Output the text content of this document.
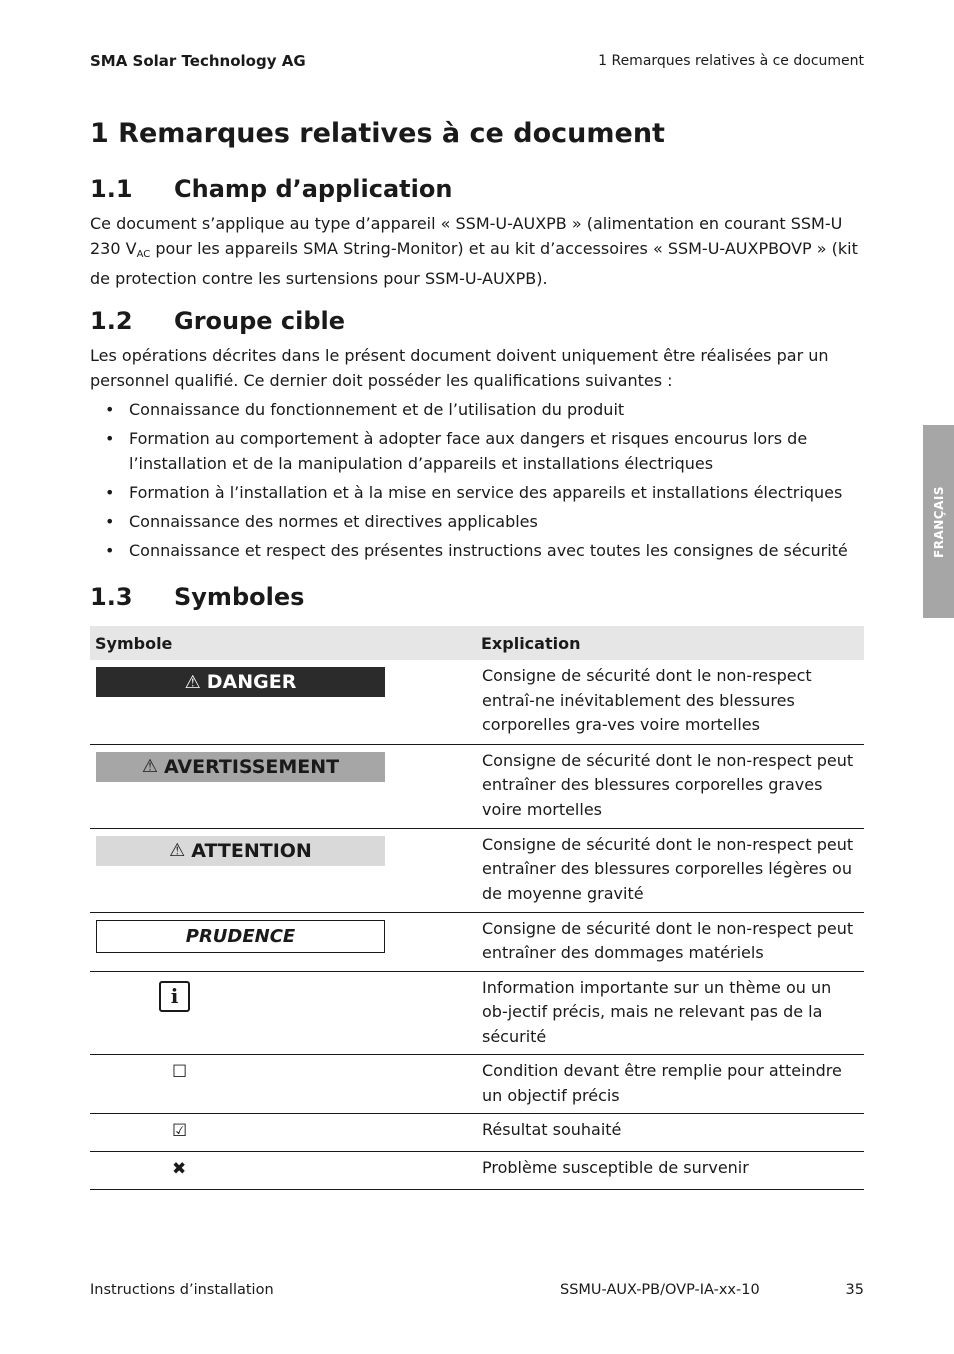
SMA Solar Technology AG	1 Remarques relatives à ce document
FRANÇAIS
1 Remarques relatives à ce document
1.1 Champ d’application
Ce document s’applique au type d’appareil « SSM-U-AUXPB » (alimentation en courant SSM-U 230 $V_{AC}$ pour les appareils SMA String-Monitor) et au kit d’accessoires « SSM-U-AUXPBOVP » (kit de protection contre les surtensions pour SSM-U-AUXPB).
1.2 Groupe cible
Les opérations décrites dans le présent document doivent uniquement être réalisées par un personnel qualifié. Ce dernier doit posséder les qualifications suivantes :
• Connaissance du fonctionnement et de l’utilisation du produit
• Formation au comportement à adopter face aux dangers et risques encourus lors de l’installation et de la manipulation d’appareils et installations électriques
• Formation à l’installation et à la mise en service des appareils et installations électriques
• Connaissance des normes et directives applicables
• Connaissance et respect des présentes instructions avec toutes les consignes de sécurité
1.3 Symboles
Symbole Explication	

⚠ DANGER	Consigne de sécurité dont le non-respect entraî-ne inévitablement des blessures corporelles gra-ves voire mortelles

⚠ AVERTISSEMENT	Consigne de sécurité dont le non-respect peut entraîner des blessures corporelles graves voire mortelles

⚠ ATTENTION	Consigne de sécurité dont le non-respect peut entraîner des blessures corporelles légères ou de moyenne gravité

PRUDENCE	Consigne de sécurité dont le non-respect peut entraîner des dommages matériels

i	Information importante sur un thème ou un ob-jectif précis, mais ne relevant pas de la sécurité

☐	Condition devant être remplie pour atteindre un objectif précis

☑	Résultat souhaité

✖	Problème susceptible de survenir
Instructions d’installation	SSMU-AUX-PB/OVP-IA-xx-10	35
